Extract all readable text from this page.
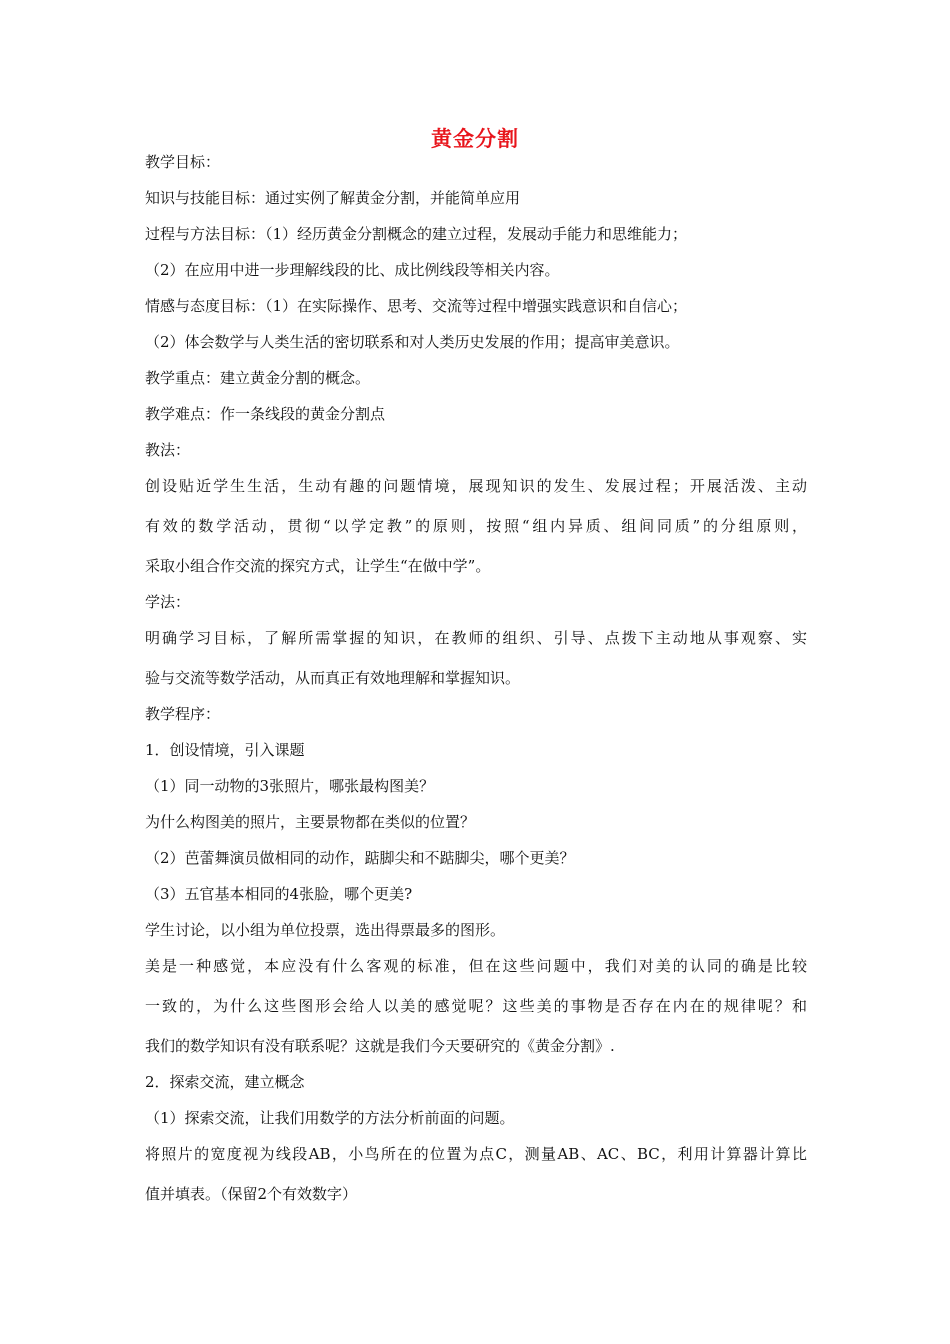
黄金分割

教学目标：

知识与技能目标：通过实例了解黄金分割，并能简单应用

过程与方法目标：（1）经历黄金分割概念的建立过程，发展动手能力和思维能力；

（2）在应用中进一步理解线段的比、成比例线段等相关内容。

情感与态度目标：（1）在实际操作、思考、交流等过程中增强实践意识和自信心；

（2）体会数学与人类生活的密切联系和对人类历史发展的作用；提高审美意识。

教学重点：建立黄金分割的概念。

教学难点：作一条线段的黄金分割点

教法：

创设贴近学生生活，生动有趣的问题情境，展现知识的发生、发展过程；开展活泼、主动

有效的数学活动，贯彻“以学定教”的原则，按照“组内异质、组间同质”的分组原则，

采取小组合作交流的探究方式，让学生“在做中学”。

学法：

明确学习目标，了解所需掌握的知识，在教师的组织、引导、点拨下主动地从事观察、实

验与交流等数学活动，从而真正有效地理解和掌握知识。

教学程序：

1．创设情境，引入课题

（1）同一动物的3张照片，哪张最构图美？

为什么构图美的照片，主要景物都在类似的位置？

（2）芭蕾舞演员做相同的动作，踮脚尖和不踮脚尖，哪个更美？

（3）五官基本相同的4张脸，哪个更美?

学生讨论，以小组为单位投票，选出得票最多的图形。

美是一种感觉，本应没有什么客观的标准，但在这些问题中，我们对美的认同的确是比较

一致的，为什么这些图形会给人以美的感觉呢？这些美的事物是否存在内在的规律呢？和

我们的数学知识有没有联系呢？这就是我们今天要研究的《黄金分割》.

2．探索交流，建立概念

（1）探索交流，让我们用数学的方法分析前面的问题。

将照片的宽度视为线段AB，小鸟所在的位置为点C，测量AB、AC、BC，利用计算器计算比

值并填表。（保留2个有效数字）
